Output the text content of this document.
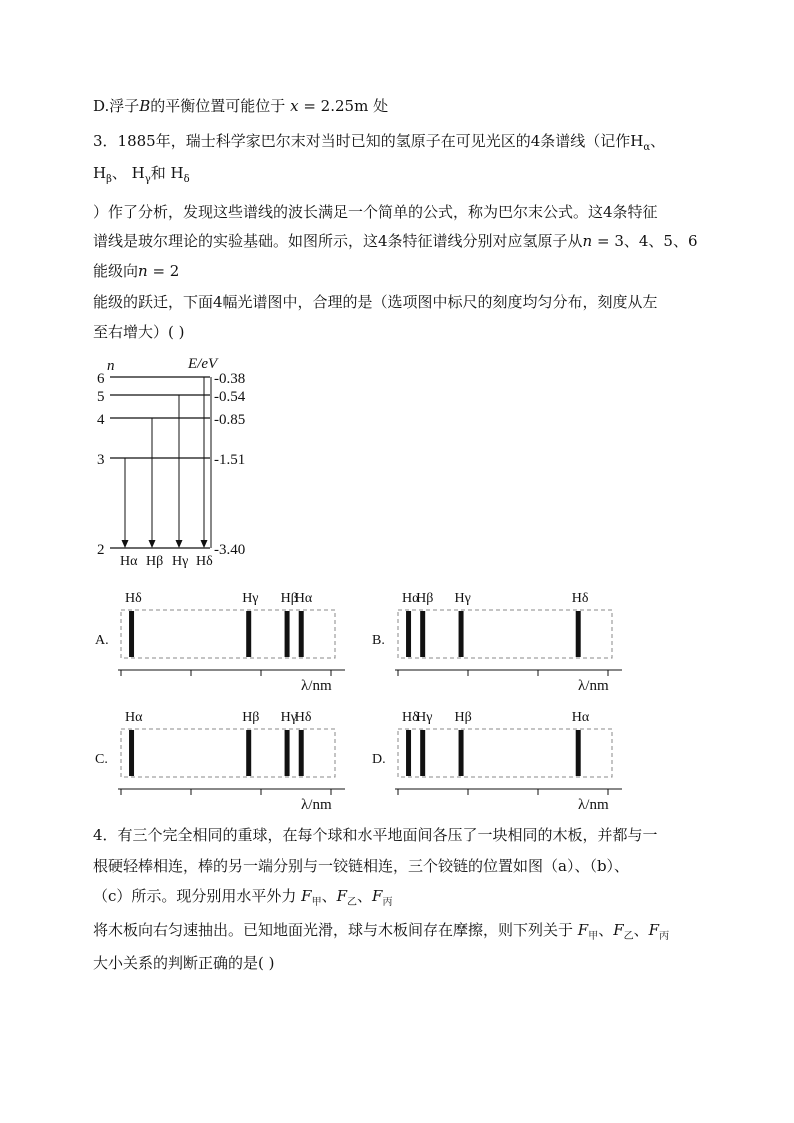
D.浮子B的平衡位置可能位于 x = 2.25m 处
3．1885年，瑞士科学家巴尔末对当时已知的氢原子在可见光区的4条谱线（记作$H_\alpha$、
$H_\beta$、 $H_\gamma$和 $H_\delta$
）作了分析，发现这些谱线的波长满足一个简单的公式，称为巴尔末公式。这4条特征
谱线是玻尔理论的实验基础。如图所示，这4条特征谱线分别对应氢原子从n = 3、4、5、6
能级向n = 2
能级的跃迁，下面4幅光谱图中，合理的是（选项图中标尺的刻度均匀分布，刻度从左
至右增大）( )
n	E/eV
6
5
4
3
2
-0.38
-0.54
-0.85
-1.51
-3.40
Hα Hβ Hγ Hδ
A.
Hδ	Hγ Hβ
Hα
λ/nm
B.
Hα
Hβ Hγ	Hδ
λ/nm
C.
Hα	Hβ Hγ
Hδ
λ/nm
D.
Hδ
Hγ Hβ	Hα
λ/nm
4．有三个完全相同的重球，在每个球和水平地面间各压了一块相同的木板，并都与一
根硬轻棒相连，棒的另一端分别与一铰链相连，三个铰链的位置如图（a）、（b）、
（c）所示。现分别用水平外力 $F_甲$、$F_乙$、$F_丙$
将木板向右匀速抽出。已知地面光滑，球与木板间存在摩擦，则下列关于 $F_甲$、$F_乙$、$F_丙$
大小关系的判断正确的是( )
